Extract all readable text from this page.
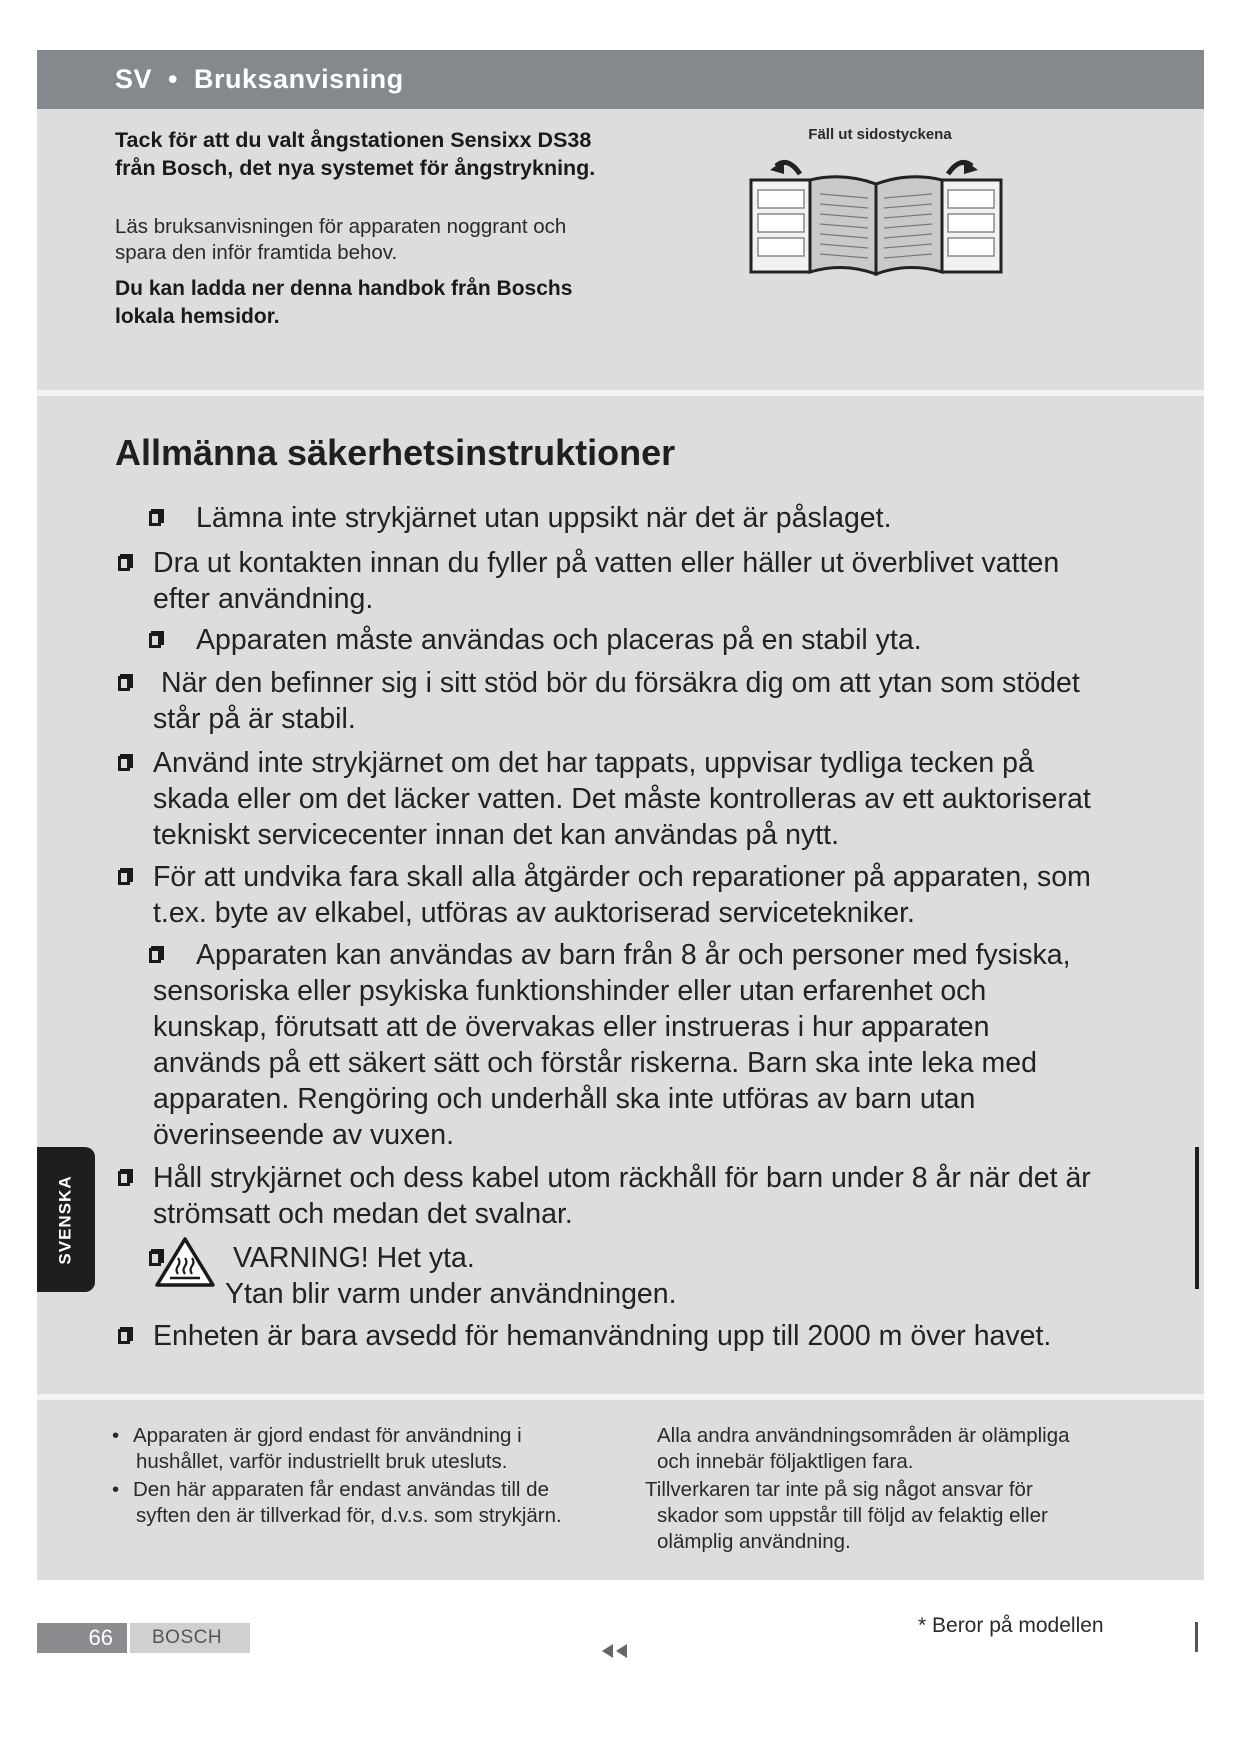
SV • Bruksanvisning

Tack för att du valt ångstationen Sensixx DS38
från Bosch, det nya systemet för ångstrykning.

Läs bruksanvisningen för apparaten noggrant och
spara den inför framtida behov.

Du kan ladda ner denna handbok från Boschs
lokala hemsidor.

Fäll ut sidostyckena
Allmänna säkerhetsinstruktioner
Lämna inte strykjärnet utan uppsikt när det är påslaget.
Dra ut kontakten innan du fyller på vatten eller häller ut överblivet vatten
efter användning.
Apparaten måste användas och placeras på en stabil yta.
När den befinner sig i sitt stöd bör du försäkra dig om att ytan som stödet
står på är stabil.
Använd inte strykjärnet om det har tappats, uppvisar tydliga tecken på
skada eller om det läcker vatten. Det måste kontrolleras av ett auktoriserat
tekniskt servicecenter innan det kan användas på nytt.
För att undvika fara skall alla åtgärder och reparationer på apparaten, som
t.ex. byte av elkabel, utföras av auktoriserad servicetekniker.
Apparaten kan användas av barn från 8 år och personer med fysiska,
sensoriska eller psykiska funktionshinder eller utan erfarenhet och
kunskap, förutsatt att de övervakas eller instrueras i hur apparaten
används på ett säkert sätt och förstår riskerna. Barn ska inte leka med
apparaten. Rengöring och underhåll ska inte utföras av barn utan
överinseende av vuxen.
Håll strykjärnet och dess kabel utom räckhåll för barn under 8 år när det är
strömsatt och medan det svalnar.
VARNING! Het yta.
Ytan blir varm under användningen.
Enheten är bara avsedd för hemanvändning upp till 2000 m över havet.
SVENSKA
• Apparaten är gjord endast för användning i
hushållet, varför industriellt bruk utesluts.
• Den här apparaten får endast användas till de
syften den är tillverkad för, d.v.s. som strykjärn.
Alla andra användningsområden är olämpliga
och innebär följaktligen fara.
Tillverkaren tar inte på sig något ansvar för
skador som uppstår till följd av felaktig eller
olämplig användning.
66	BOSCH
* Beror på modellen
